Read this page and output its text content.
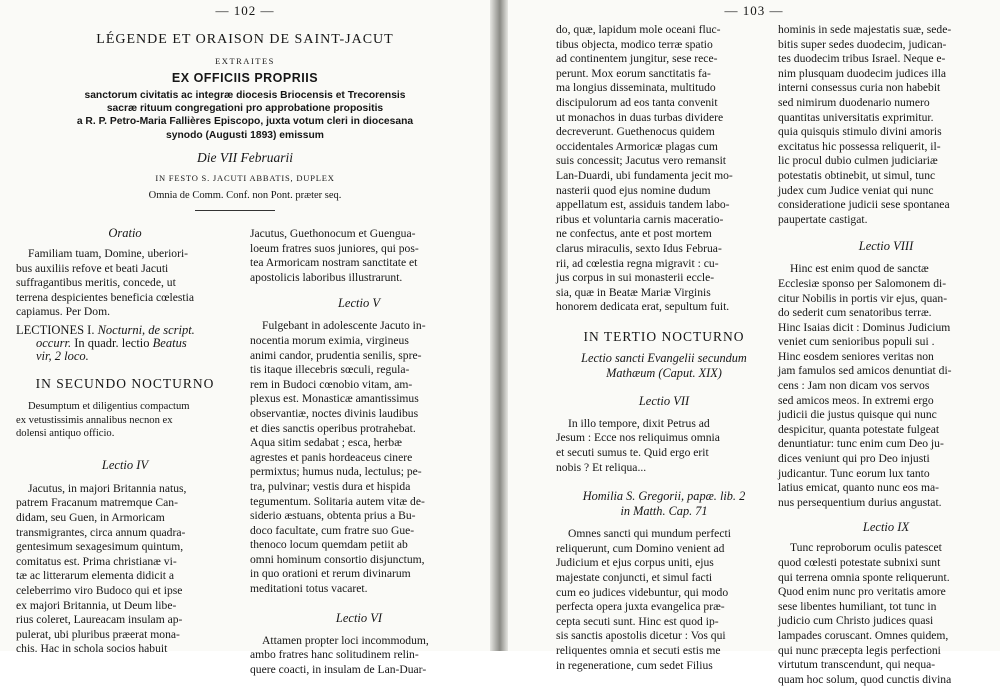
— 102 —
LÉGENDE ET ORAISON DE SAINT-JACUT
EXTRAITES
EX OFFICIIS PROPRIIS
sanctorum civitatis ac integræ diocesis Briocensis et Trecorensis
sacræ rituum congregationi pro approbatione propositis
a R. P. Petro-Maria Fallières Episcopo, juxta votum cleri in diocesana
synodo (Augusti 1893) emissum
Die VII Februarii
IN FESTO S. JACUTI ABBATIS, DUPLEX
Omnia de Comm. Conf. non Pont. præter seq.
Oratio
Familiam tuam, Domine, uberiori-
bus auxiliis refove et beati Jacuti
suffragantibus meritis, concede, ut
terrena despicientes beneficia cœlestia
capiamus. Per Dom.
LECTIONES I. Nocturni, de script.
occurr. In quadr. lectio Beatus
vir, 2 loco.
IN SECUNDO NOCTURNO
Desumptum et diligentius compactum
ex vetustissimis annalibus necnon ex
dolensi antiquo officio.
Lectio IV
Jacutus, in majori Britannia natus,
patrem Fracanum matremque Can-
didam, seu Guen, in Armoricam
transmigrantes, circa annum quadra-
gentesimum sexagesimum quintum,
comitatus est. Prima christianæ vi-
tæ ac litterarum elementa didicit a
celeberrimo viro Budoco qui et ipse
ex majori Britannia, ut Deum libe-
rius coleret, Laureacam insulam ap-
pulerat, ubi pluribus præerat mona-
chis. Hac in schola socios habuit
Jacutus, Guethonocum et Guengua-
loeum fratres suos juniores, qui pos-
tea Armoricam nostram sanctitate et
apostolicis laboribus illustrarunt.
Lectio V
Fulgebant in adolescente Jacuto in-
nocentia morum eximia, virgineus
animi candor, prudentia senilis, spre-
tis itaque illecebris sœculi, regula-
rem in Budoci cœnobio vitam, am-
plexus est. Monasticæ amantissimus
observantiæ, noctes divinis laudibus
et dies sanctis operibus protrahebat.
Aqua sitim sedabat ; esca, herbæ
agrestes et panis hordeaceus cinere
permixtus; humus nuda, lectulus; pe-
tra, pulvinar; vestis dura et hispida
tegumentum. Solitaria autem vitæ de-
siderio æstuans, obtenta prius a Bu-
doco facultate, cum fratre suo Gue-
thenoco locum quemdam petiit ab
omni hominum consortio disjunctum,
in quo orationi et rerum divinarum
meditationi totus vacaret.
Lectio VI
Attamen propter loci incommodum,
ambo fratres hanc solitudinem relin-
quere coacti, in insulam de Lan-Duar-
— 103 —
do, quæ, lapidum mole oceani fluc-
tibus objecta, modico terræ spatio
ad continentem jungitur, sese rece-
perunt. Mox eorum sanctitatis fa-
ma longius disseminata, multitudo
discipulorum ad eos tanta convenit
ut monachos in duas turbas dividere
decreverunt. Guethenocus quidem
occidentales Armoricæ plagas cum
suis concessit; Jacutus vero remansit
Lan-Duardi, ubi fundamenta jecit mo-
nasterii quod ejus nomine dudum
appellatum est, assiduis tandem labo-
ribus et voluntaria carnis maceratio-
ne confectus, ante et post mortem
clarus miraculis, sexto Idus Februa-
rii, ad cœlestia regna migravit : cu-
jus corpus in sui monasterii eccle-
sia, quæ in Beatæ Mariæ Virginis
honorem dedicata erat, sepultum fuit.
IN TERTIO NOCTURNO
Lectio sancti Evangelii secundum
Mathæum (Caput. XIX)
Lectio VII
In illo tempore, dixit Petrus ad
Jesum : Ecce nos reliquimus omnia
et secuti sumus te. Quid ergo erit
nobis ? Et reliqua...
Homilia S. Gregorii, papæ. lib. 2
in Matth. Cap. 71
Omnes sancti qui mundum perfecti
reliquerunt, cum Domino venient ad
Judicium et ejus corpus uniti, ejus
majestate conjuncti, et simul facti
cum eo judices videbuntur, qui modo
perfecta opera juxta evangelica præ-
cepta secuti sunt. Hinc est quod ip-
sis sanctis apostolis dicetur : Vos qui
reliquentes omnia et secuti estis me
in regeneratione, cum sedet Filius
hominis in sede majestatis suæ, sede-
bitis super sedes duodecim, judican-
tes duodecim tribus Israel. Neque e-
nim plusquam duodecim judices illa
interni consessus curia non habebit
sed nimirum duodenario numero
quantitas universitatis exprimitur.
quia quisquis stimulo divini amoris
excitatus hic possessa reliquerit, il-
lic procul dubio culmen judiciariæ
potestatis obtinebit, ut simul, tunc
judex cum Judice veniat qui nunc
consideratione judicii sese spontanea
paupertate castigat.
Lectio VIII
Hinc est enim quod de sanctæ
Ecclesiæ sponso per Salomonem di-
citur Nobilis in portis vir ejus, quan-
do sederit cum senatoribus terræ.
Hinc Isaias dicit : Dominus Judicium
veniet cum senioribus populi sui .
Hinc eosdem seniores veritas non
jam famulos sed amicos denuntiat di-
cens : Jam non dicam vos servos
sed amicos meos. In extremi ergo
judicii die justus quisque qui nunc
despicitur, quanta potestate fulgeat
denuntiatur: tunc enim cum Deo ju-
dices veniunt qui pro Deo injusti
judicantur. Tunc eorum lux tanto
latius emicat, quanto nunc eos ma-
nus persequentium durius angustat.
Lectio IX
Tunc reproborum oculis patescet
quod cœlesti potestate subnixi sunt
qui terrena omnia sponte reliquerunt.
Quod enim nunc pro veritatis amore
sese libentes humiliant, tot tunc in
judicio cum Christo judices quasi
lampades coruscant. Omnes quidem,
qui nunc præcepta legis perfectioni
virtutum transcendunt, qui nequa-
quam hoc solum, quod cunctis divina
